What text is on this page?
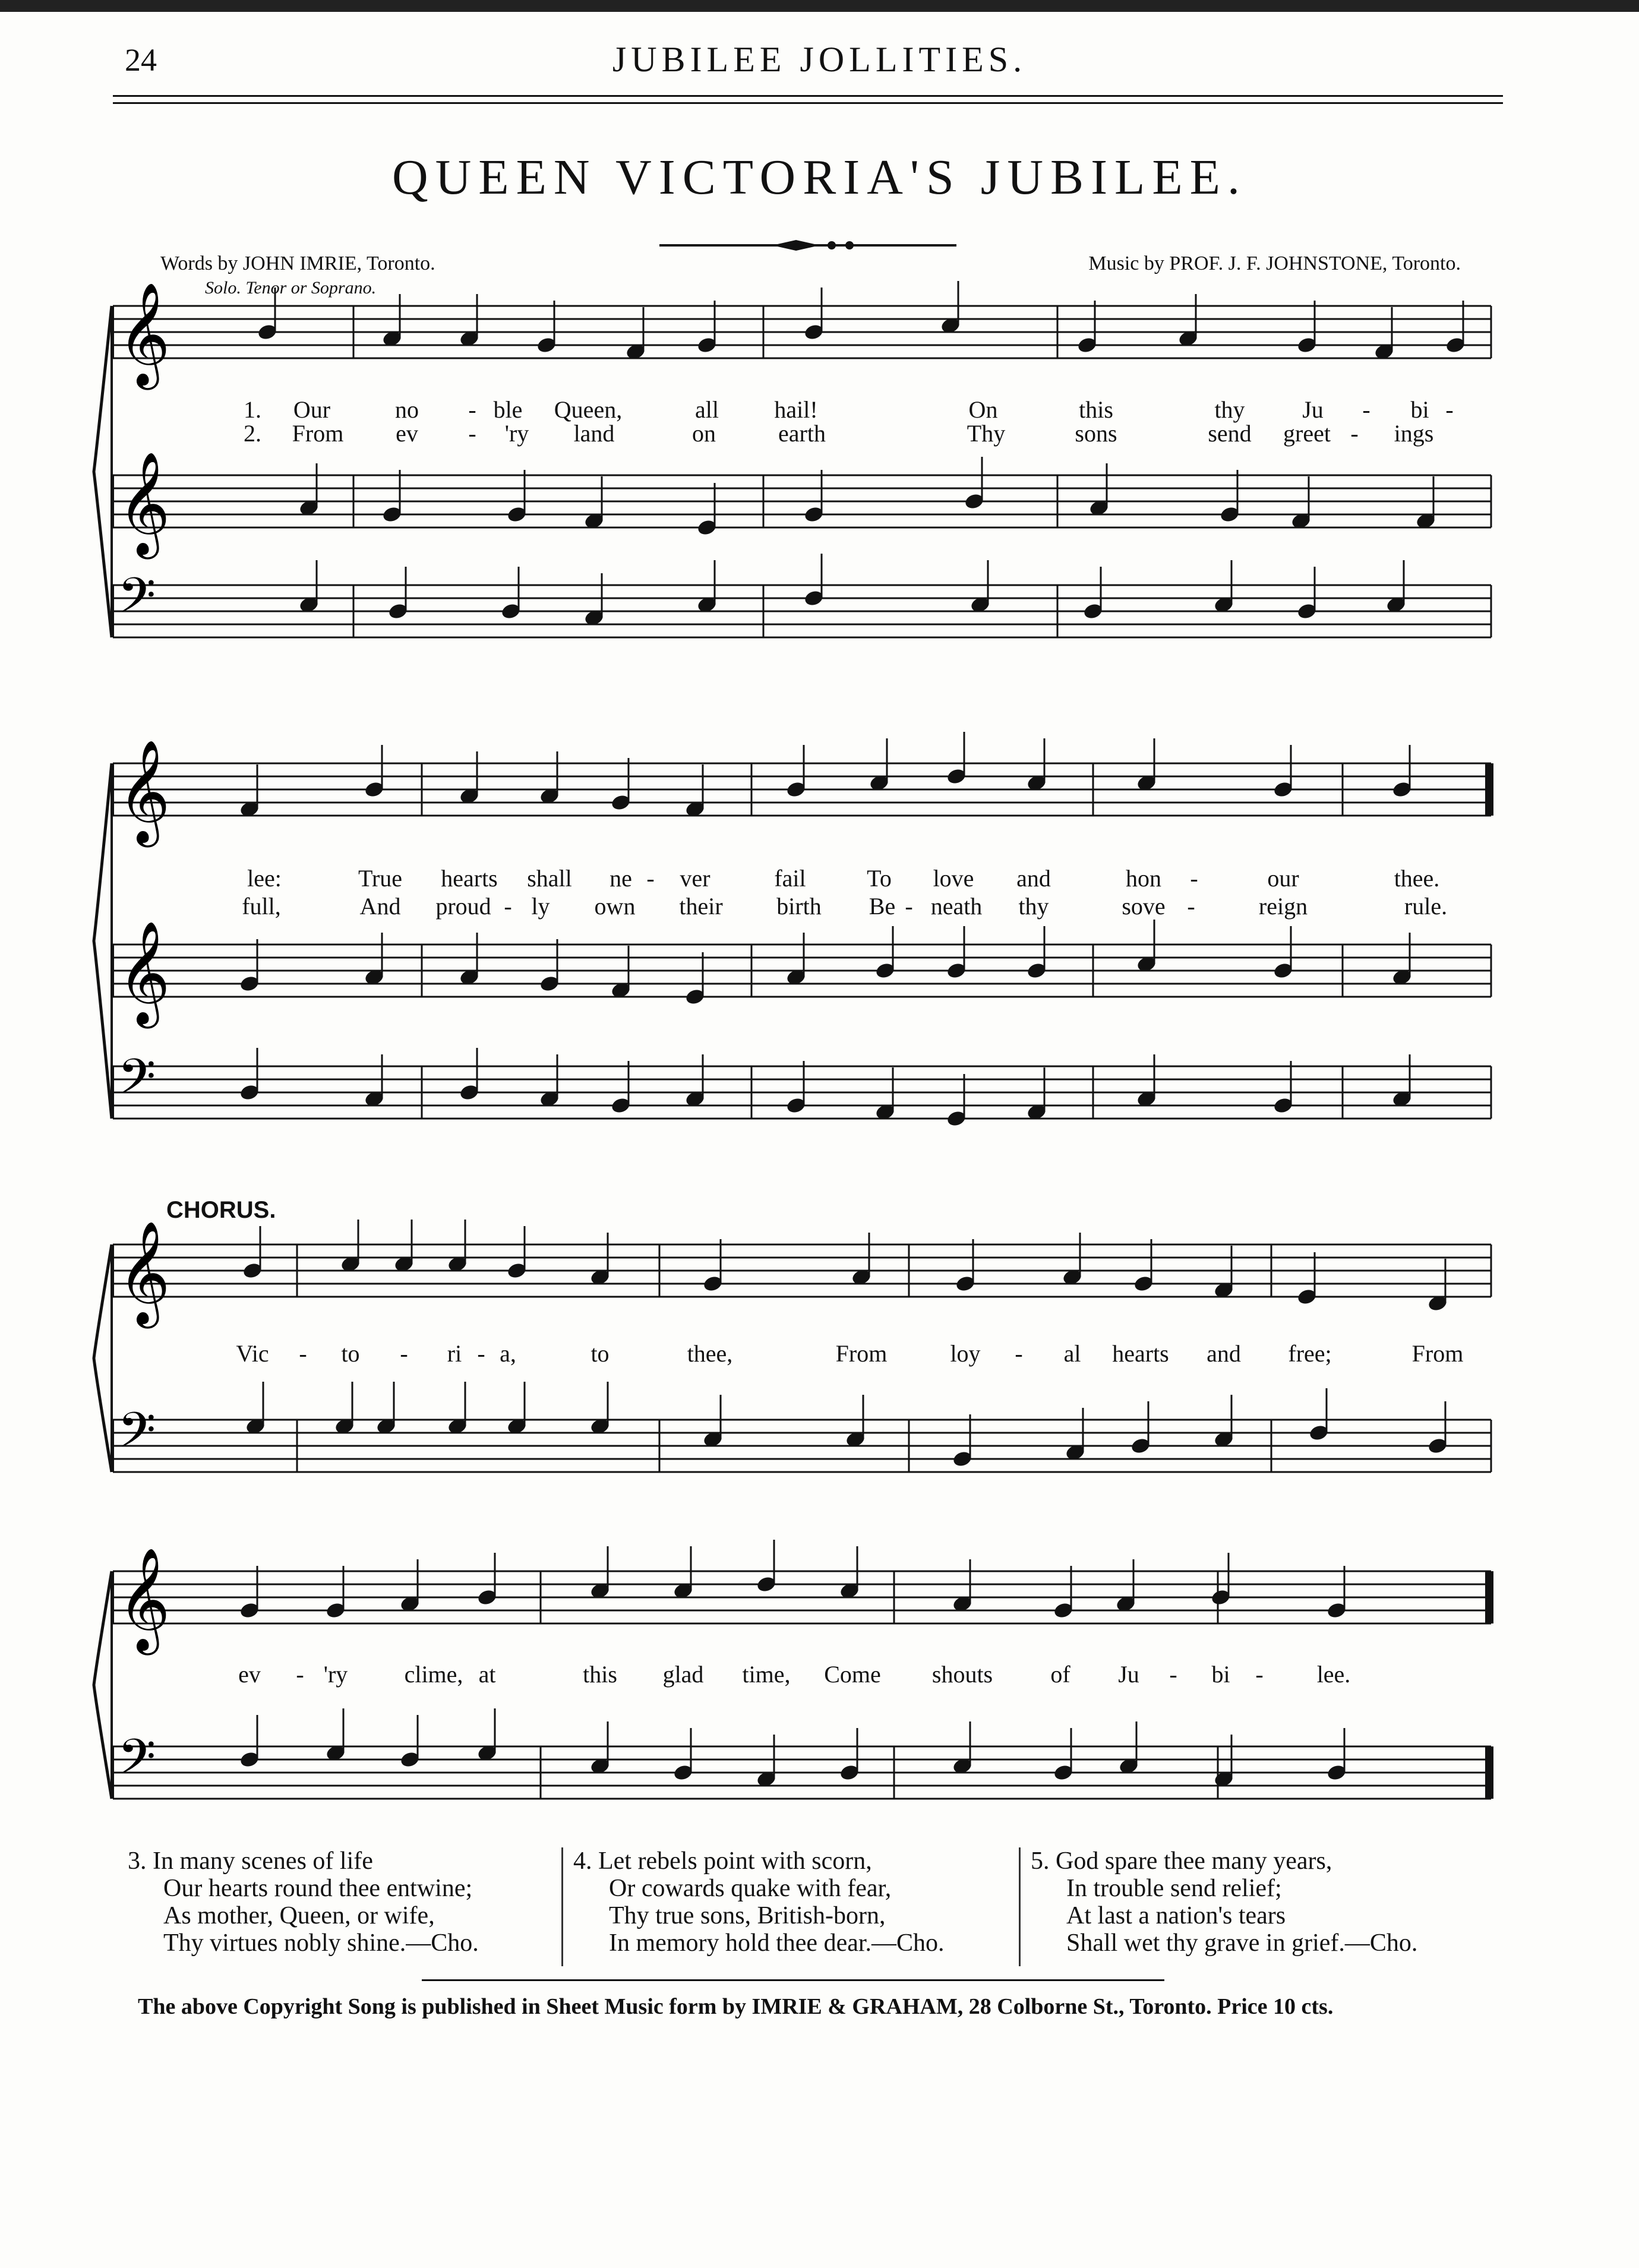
24	JUBILEE JOLLITIES.
QUEEN VICTORIA'S JUBILEE.
Words by JOHN IMRIE, Toronto.	Music by PROF. J. F. JOHNSTONE, Toronto.
Solo. Tenor or Soprano.
𝄞
𝄞
𝄢
𝄞
𝄞
𝄢
𝄞
𝄢
𝄞
𝄢
CHORUS.
1.
2.
Our	no - ble Queen,	all hail!	On	this	thy Ju - bi -
From ev - 'ry land	on	earth	Thy	sons	send greet - ings
lee:	True hearts shall ne - ver	fail	To love and	hon -	our	thee.
full,	And proud - ly own their birth Be - neath thy	sove -	reign	rule.
Vic - to - ri - a,	to	thee,	From	loy - al hearts and free;	From
ev - 'ry clime, at	this glad time, Come shouts of Ju - bi - lee.
3. In many scenes of life
Our hearts round thee entwine;
As mother, Queen, or wife,
Thy virtues nobly shine.—Cho.
4. Let rebels point with scorn,
Or cowards quake with fear,
Thy true sons, British-born,
In memory hold thee dear.—Cho.
5. God spare thee many years,
In trouble send relief;
At last a nation's tears
Shall wet thy grave in grief.—Cho.
The above Copyright Song is published in Sheet Music form by IMRIE & GRAHAM, 28 Colborne St., Toronto. Price 10 cts.
